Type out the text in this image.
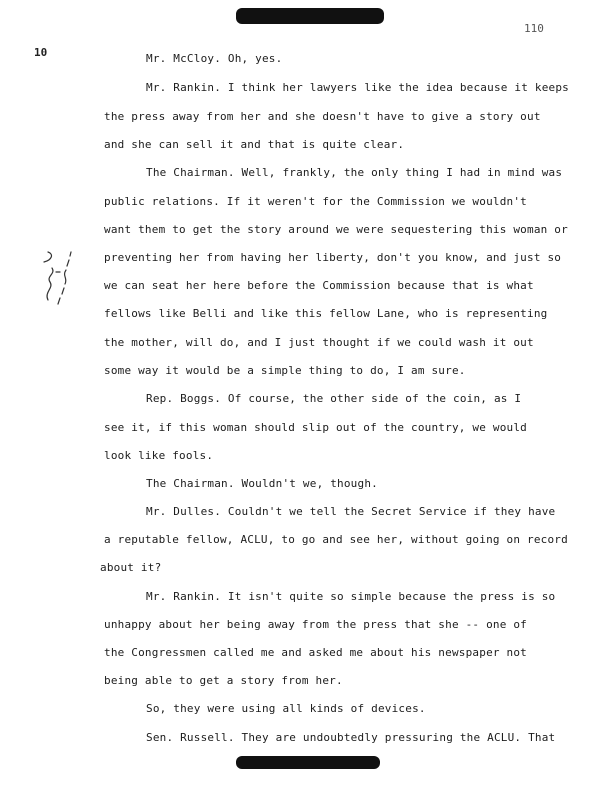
110
10	Mr. McCloy. Oh, yes.
Mr. Rankin. I think her lawyers like the idea because it keeps
the press away from her and she doesn't have to give a story out
and she can sell it and that is quite clear.
The Chairman. Well, frankly, the only thing I had in mind was
public relations. If it weren't for the Commission we wouldn't
want them to get the story around we were sequestering this woman or
preventing her from having her liberty, don't you know, and just so
we can seat her here before the Commission because that is what
fellows like Belli and like this fellow Lane, who is representing
the mother, will do, and I just thought if we could wash it out
some way it would be a simple thing to do, I am sure.
Rep. Boggs. Of course, the other side of the coin, as I
see it, if this woman should slip out of the country, we would
look like fools.
The Chairman. Wouldn't we, though.
Mr. Dulles. Couldn't we tell the Secret Service if they have
a reputable fellow, ACLU, to go and see her, without going on record
about it?
Mr. Rankin. It isn't quite so simple because the press is so
unhappy about her being away from the press that she -- one of
the Congressmen called me and asked me about his newspaper not
being able to get a story from her.
So, they were using all kinds of devices.
Sen. Russell. They are undoubtedly pressuring the ACLU. That
